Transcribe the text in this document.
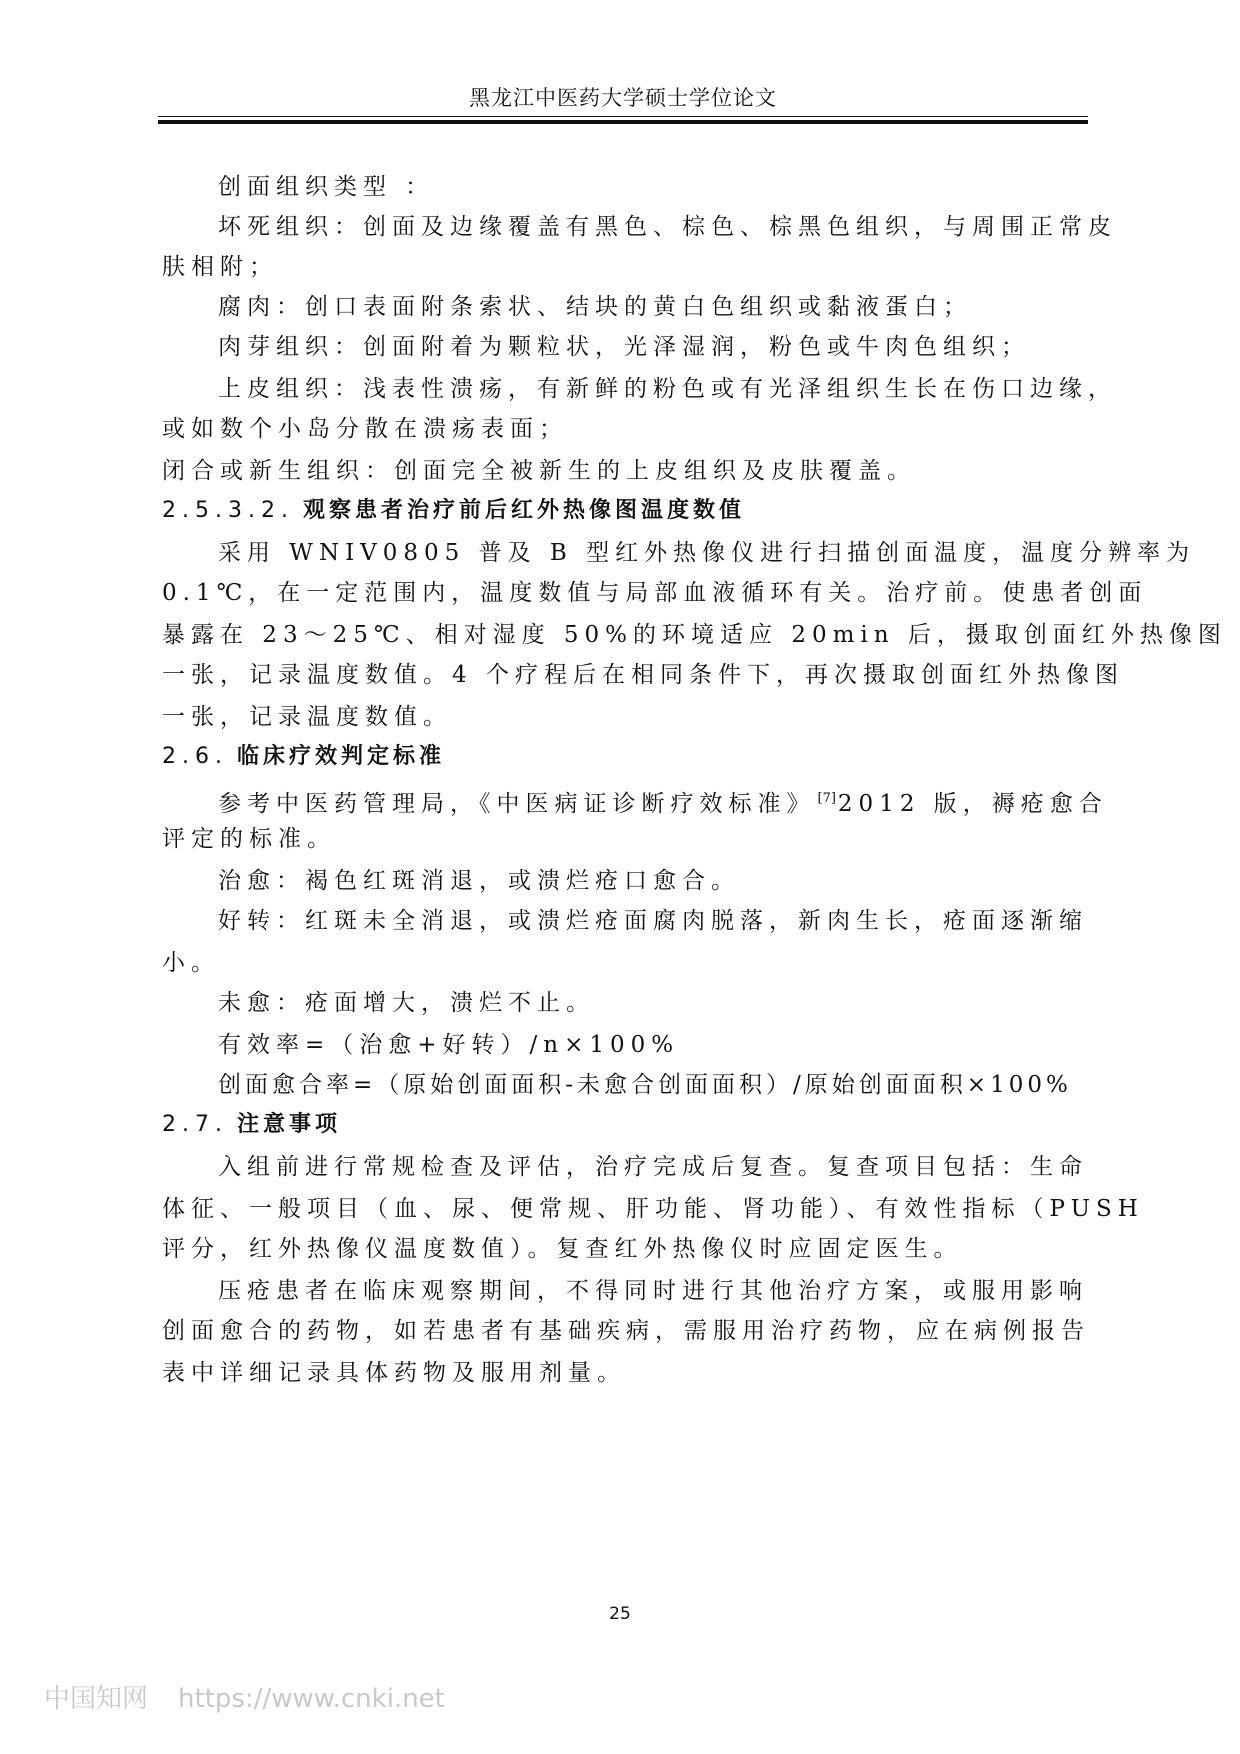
黑龙江中医药大学硕士学位论文
创面组织类型 ：
坏死组织：创面及边缘覆盖有黑色、棕色、棕黑色组织，与周围正常皮
肤相附；
腐肉：创口表面附条索状、结块的黄白色组织或黏液蛋白；
肉芽组织：创面附着为颗粒状，光泽湿润，粉色或牛肉色组织；
上皮组织：浅表性溃疡，有新鲜的粉色或有光泽组织生长在伤口边缘，
或如数个小岛分散在溃疡表面；
闭合或新生组织：创面完全被新生的上皮组织及皮肤覆盖。
2.5.3.2. 观察患者治疗前后红外热像图温度数值
采用 WNIV0805 普及 B 型红外热像仪进行扫描创面温度，温度分辨率为
0.1℃，在一定范围内，温度数值与局部血液循环有关。治疗前。使患者创面
暴露在 23～25℃、相对湿度 50%的环境适应 20min 后，摄取创面红外热像图
一张，记录温度数值。4 个疗程后在相同条件下，再次摄取创面红外热像图
一张，记录温度数值。
2.6. 临床疗效判定标准
参考中医药管理局，《中医病证诊断疗效标准》 [7]2012 版，褥疮愈合
评定的标准。
治愈：褐色红斑消退，或溃烂疮口愈合。
好转：红斑未全消退，或溃烂疮面腐肉脱落，新肉生长，疮面逐渐缩
小。
未愈：疮面增大，溃烂不止。
有效率=（治愈+好转）/n×100%
创面愈合率=（原始创面面积-未愈合创面面积）/原始创面面积×100%
2.7. 注意事项
入组前进行常规检查及评估，治疗完成后复查。复查项目包括：生命
体征、一般项目（血、尿、便常规、肝功能、肾功能）、有效性指标（PUSH
评分，红外热像仪温度数值）。复查红外热像仪时应固定医生。
压疮患者在临床观察期间，不得同时进行其他治疗方案，或服用影响
创面愈合的药物，如若患者有基础疾病，需服用治疗药物，应在病例报告
表中详细记录具体药物及服用剂量。
25
中国知网 https://www.cnki.net
